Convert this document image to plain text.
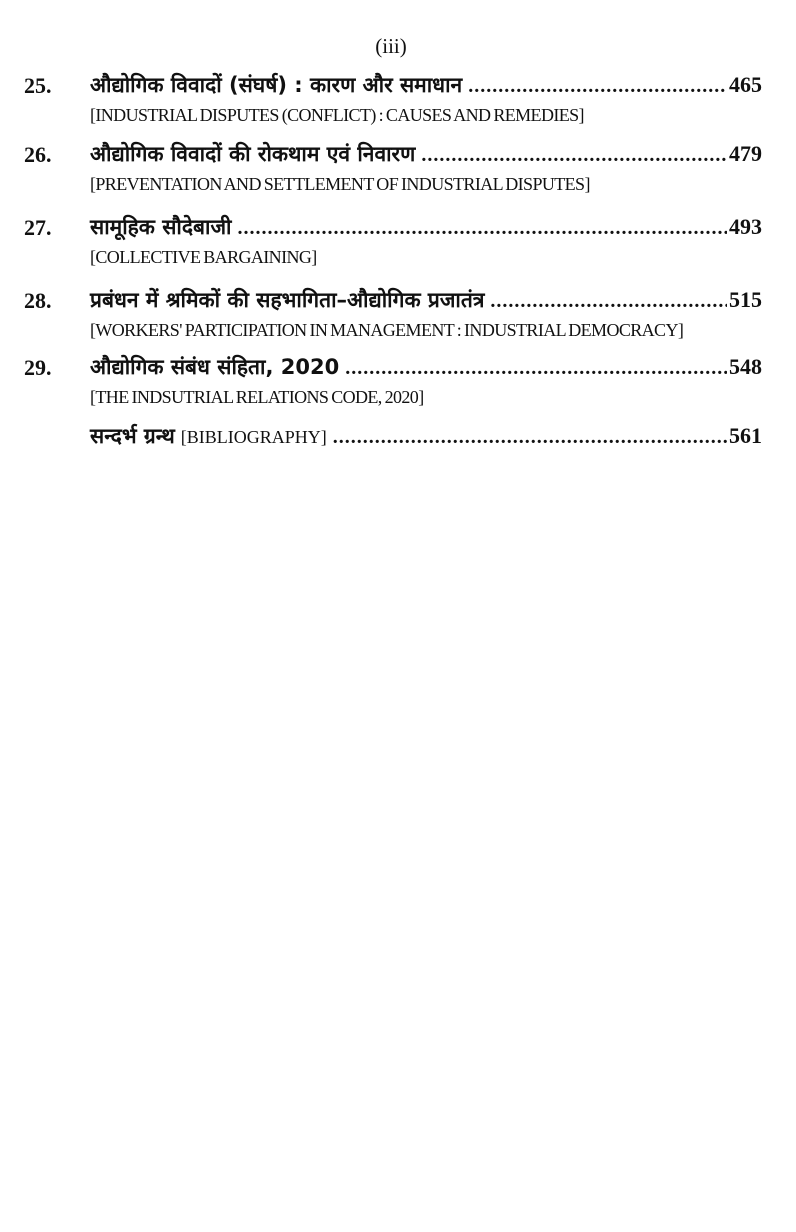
(iii)
25.	औद्योगिक विवादों (संघर्ष) : कारण और समाधान .....	465
[INDUSTRIAL DISPUTES (CONFLICT) : CAUSES AND REMEDIES]
26.	औद्योगिक विवादों की रोकथाम एवं निवारण .....	479
[PREVENTATION AND SETTLEMENT OF INDUSTRIAL DISPUTES]
27.	सामूहिक सौदेबाजी .....	493
[COLLECTIVE BARGAINING]
28.	प्रबंधन में श्रमिकों की सहभागिता–औद्योगिक प्रजातंत्र .....	515
[WORKERS' PARTICIPATION IN MANAGEMENT : INDUSTRIAL DEMOCRACY]
29.	औद्योगिक संबंध संहिता, 2020 .....	548
[THE INDSUTRIAL RELATIONS CODE, 2020]
सन्दर्भ ग्रन्थ [BIBLIOGRAPHY] .....	561
